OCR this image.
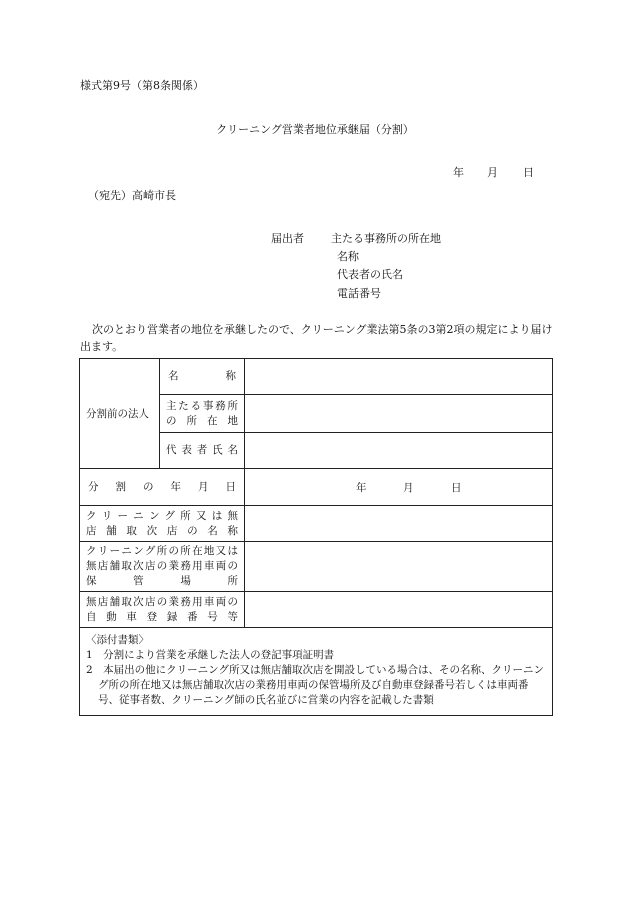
様式第9号（第8条関係）
クリーニング営業者地位承継届（分割）
年 月 日
（宛先）高崎市長
届出者 主たる事務所の所在地
名称
代表者の氏名
電話番号
次のとおり営業者の地位を承継したので、クリーニング業法第5条の3第2項の規定により届け出ます。
分割前の法人	名称	

	主たる事務所
の所在地	

	代表者氏名	

分割の年月日		年 月 日

クリーニング所又は無
店舗取次店の名称		

クリーニング所の所在地又は
無店舗取次店の業務用車両の
保管場所		

無店舗取次店の業務用車両の
自動車登録番号等		

〈添付書類〉
1　分割により営業を承継した法人の登記事項証明書
2　本届出の他にクリーニング所又は無店舗取次店を開設している場合は、その名称、クリーニング所の所在地又は無店舗取次店の業務用車両の保管場所及び自動車登録番号若しくは車両番号、従事者数、クリーニング師の氏名並びに営業の内容を記載した書類		
